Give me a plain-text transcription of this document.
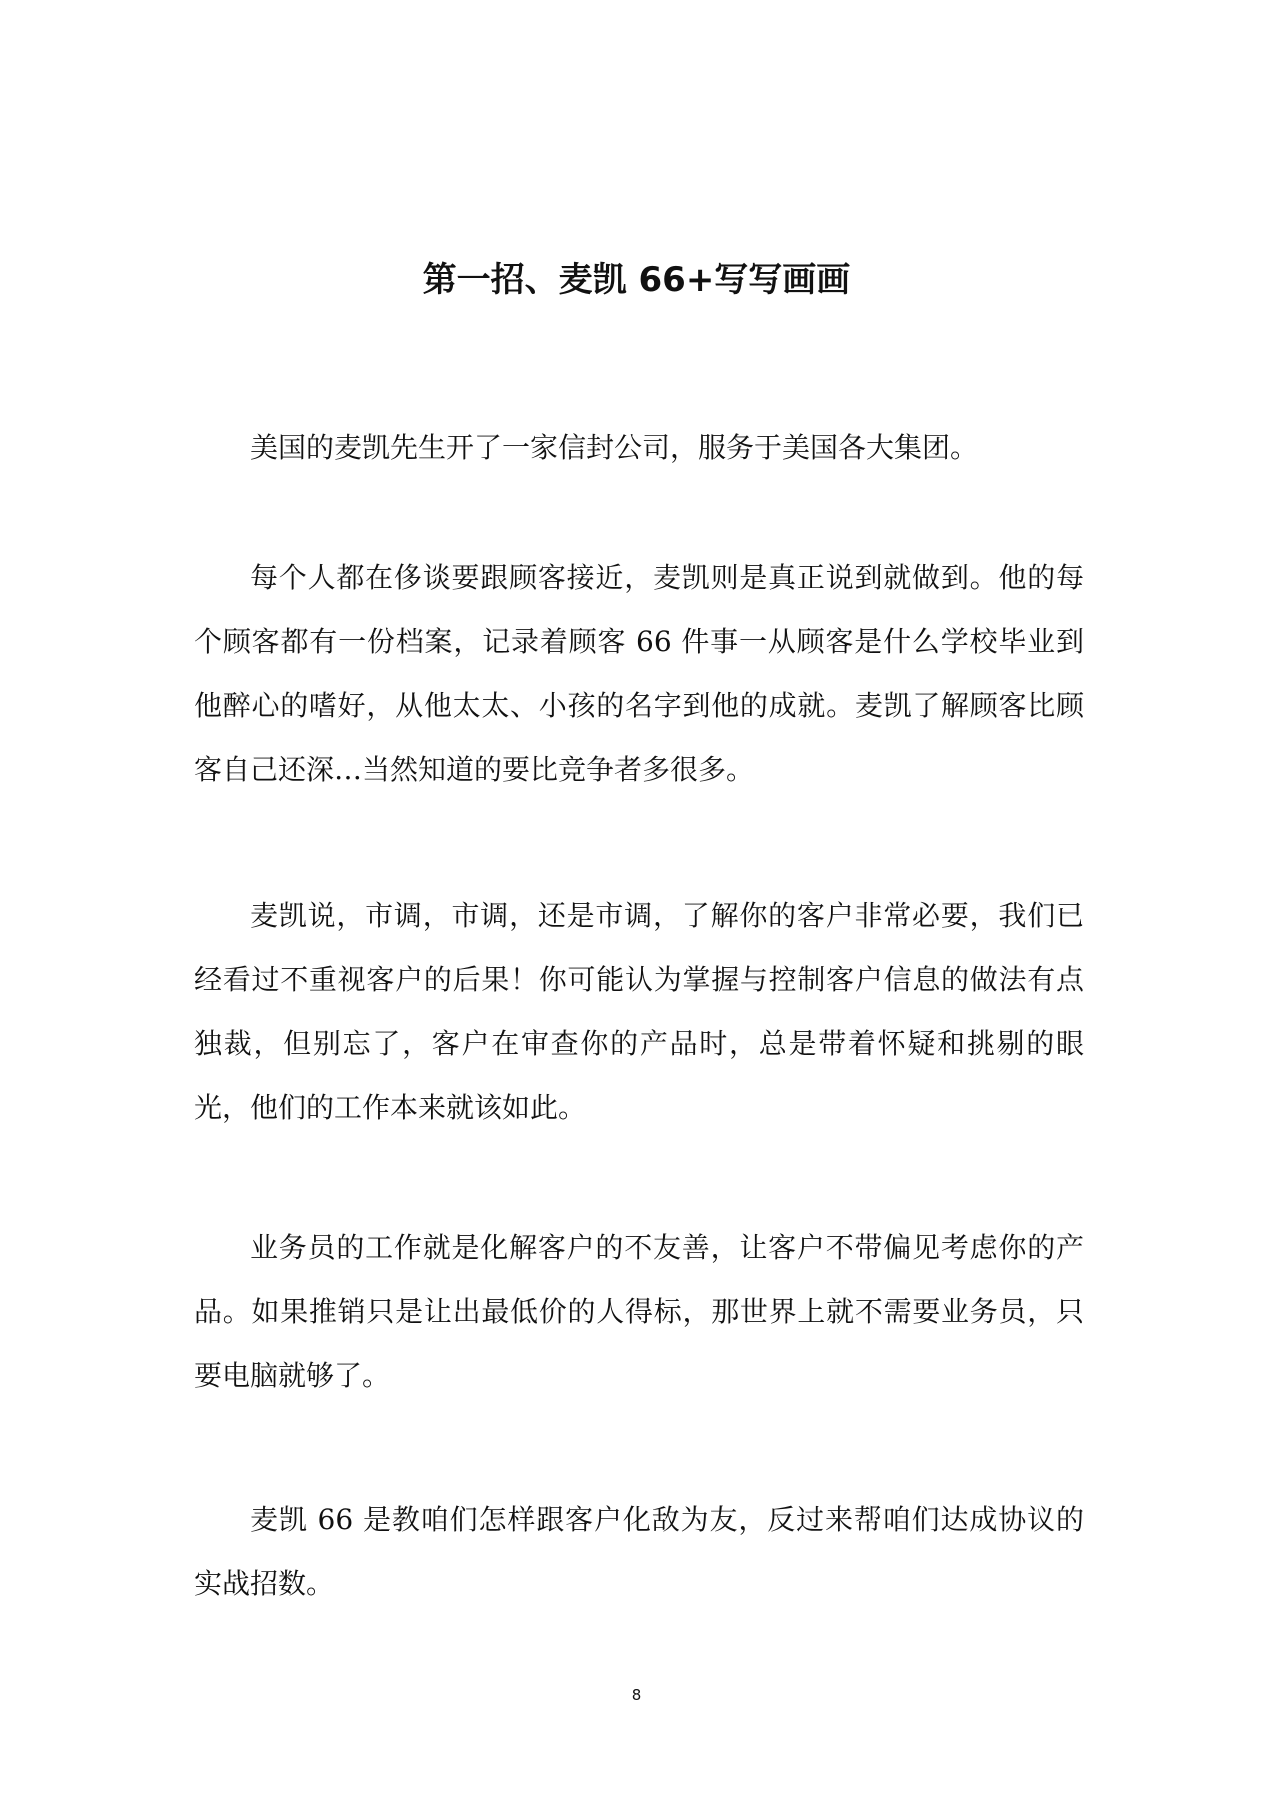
第一招、麦凯 66+写写画画

美国的麦凯先生开了一家信封公司，服务于美国各大集团。

每个人都在侈谈要跟顾客接近，麦凯则是真正说到就做到。他的每个顾客都有一份档案，记录着顾客 66 件事一从顾客是什么学校毕业到他醉心的嗜好，从他太太、小孩的名字到他的成就。麦凯了解顾客比顾客自己还深…当然知道的要比竞争者多很多。

麦凯说，市调，市调，还是市调，了解你的客户非常必要，我们已经看过不重视客户的后果！你可能认为掌握与控制客户信息的做法有点独裁，但别忘了，客户在审查你的产品时，总是带着怀疑和挑剔的眼光，他们的工作本来就该如此。

业务员的工作就是化解客户的不友善，让客户不带偏见考虑你的产品。如果推销只是让出最低价的人得标，那世界上就不需要业务员，只要电脑就够了。

麦凯 66 是教咱们怎样跟客户化敌为友，反过来帮咱们达成协议的实战招数。

8
